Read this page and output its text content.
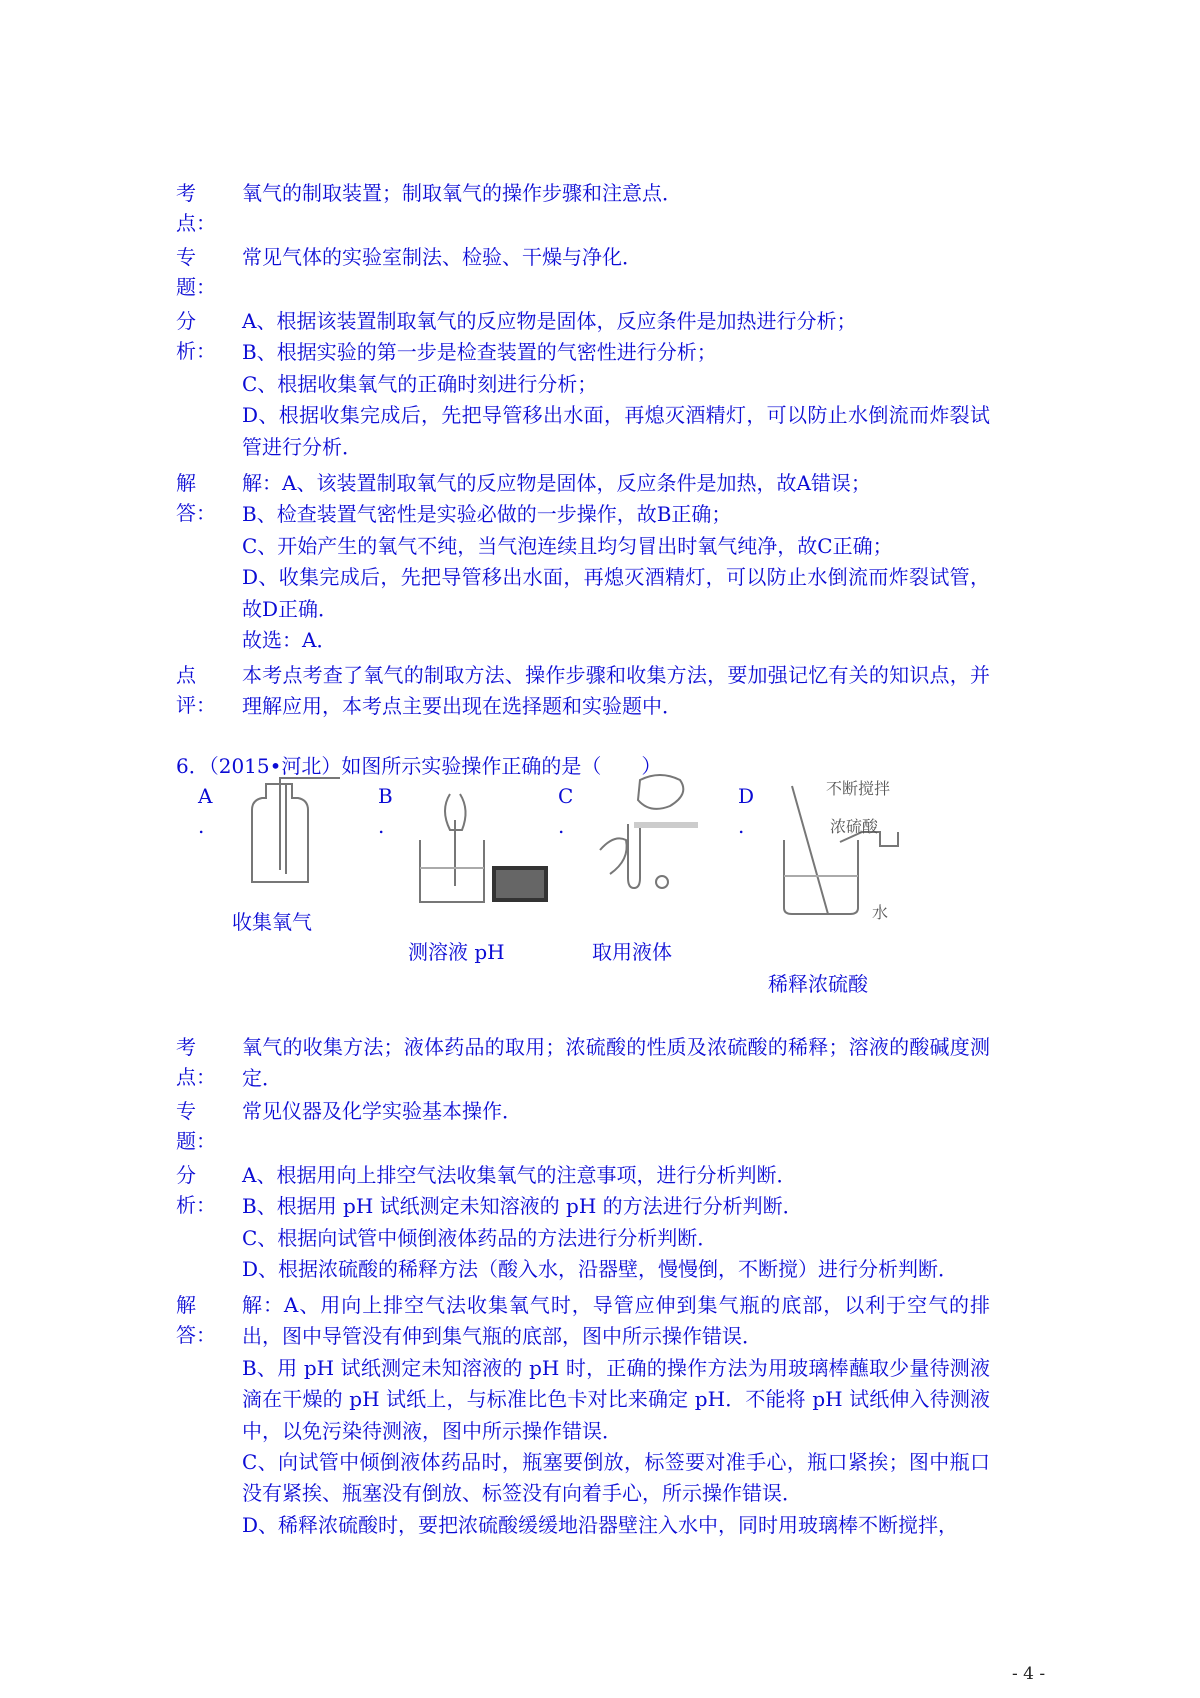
考
点：

氧气的制取装置；制取氧气的操作步骤和注意点．

专
题：

常见气体的实验室制法、检验、干燥与净化．

分
析：

A、根据该装置制取氧气的反应物是固体，反应条件是加热进行分析；

B、根据实验的第一步是检查装置的气密性进行分析；

C、根据收集氧气的正确时刻进行分析；

D、根据收集完成后，先把导管移出水面，再熄灭酒精灯，可以防止水倒流而炸裂试管进行分析．

解
答：

解：A、该装置制取氧气的反应物是固体，反应条件是加热，故A错误；

B、检查装置气密性是实验必做的一步操作，故B正确；

C、开始产生的氧气不纯，当气泡连续且均匀冒出时氧气纯净，故C正确；

D、收集完成后，先把导管移出水面，再熄灭酒精灯，可以防止水倒流而炸裂试管，故D正确．

故选：A．

点
评：

本考点考查了氧气的制取方法、操作步骤和收集方法，要加强记忆有关的知识点，并理解应用，本考点主要出现在选择题和实验题中．

6．（2015•河北）如图所示实验操作正确的是（　　）
A
.
B
.
C
.
D
.
不断搅拌
浓硫酸
水
收集氧气
测溶液 pH	取用液体
稀释浓硫酸
考
点：

氧气的收集方法；液体药品的取用；浓硫酸的性质及浓硫酸的稀释；溶液的酸碱度测定．

专
题：

常见仪器及化学实验基本操作．

分
析：

A、根据用向上排空气法收集氧气的注意事项，进行分析判断．

B、根据用 pH 试纸测定未知溶液的 pH 的方法进行分析判断．

C、根据向试管中倾倒液体药品的方法进行分析判断．

D、根据浓硫酸的稀释方法（酸入水，沿器壁，慢慢倒，不断搅）进行分析判断．

解
答：

解：A、用向上排空气法收集氧气时，导管应伸到集气瓶的底部，以利于空气的排出，图中导管没有伸到集气瓶的底部，图中所示操作错误．

B、用 pH 试纸测定未知溶液的 pH 时，正确的操作方法为用玻璃棒蘸取少量待测液滴在干燥的 pH 试纸上，与标准比色卡对比来确定 pH．不能将 pH 试纸伸入待测液中，以免污染待测液，图中所示操作错误．

C、向试管中倾倒液体药品时，瓶塞要倒放，标签要对准手心，瓶口紧挨；图中瓶口没有紧挨、瓶塞没有倒放、标签没有向着手心，所示操作错误．

D、稀释浓硫酸时，要把浓硫酸缓缓地沿器壁注入水中，同时用玻璃棒不断搅拌，

- 4 -
